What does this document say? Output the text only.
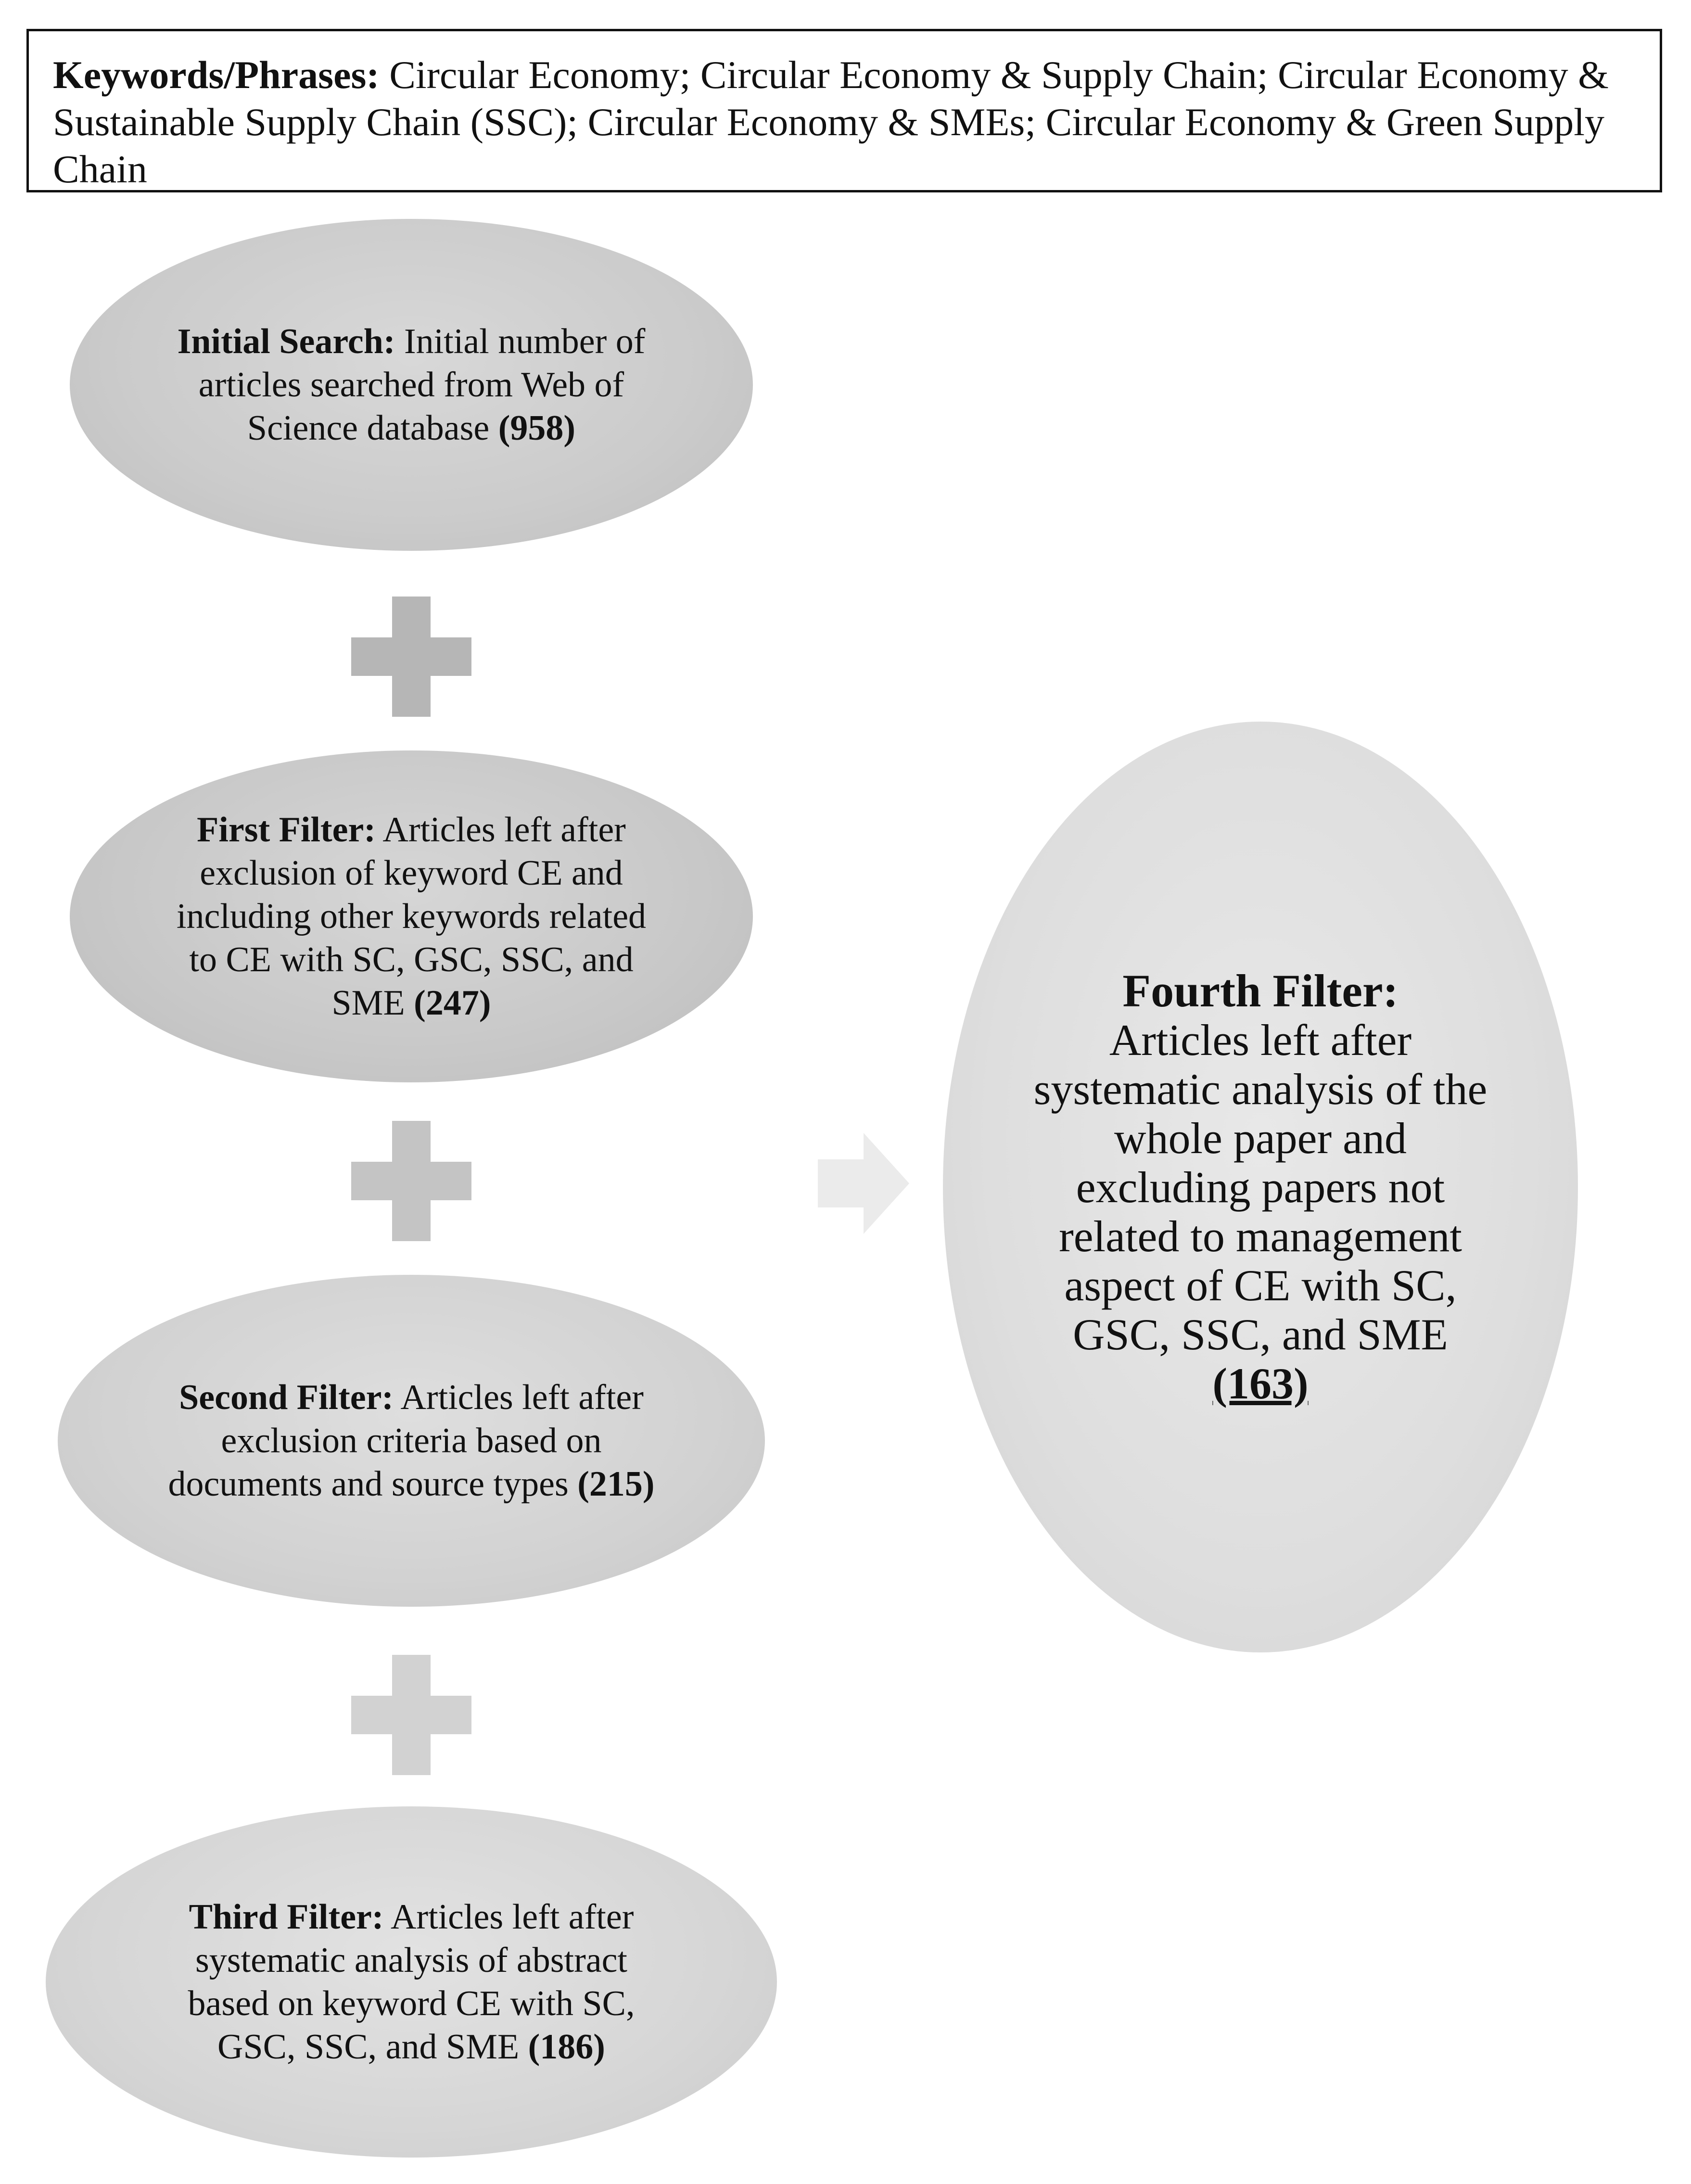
Keywords/Phrases: Circular Economy; Circular Economy & Supply Chain; Circular Economy & Sustainable Supply Chain (SSC); Circular Economy & SMEs; Circular Economy & Green Supply Chain
Initial Search: Initial number of articles searched from Web of Science database (958)
First Filter: Articles left after exclusion of keyword CE and including other keywords related to CE with SC, GSC, SSC, and SME (247)
Second Filter: Articles left after exclusion criteria based on documents and source types (215)
Third Filter: Articles left after systematic analysis of abstract based on keyword CE with SC, GSC, SSC, and SME (186)
Fourth Filter:
Articles left after systematic analysis of the whole paper and excluding papers not related to management aspect of CE with SC, GSC, SSC, and SME
(163)
